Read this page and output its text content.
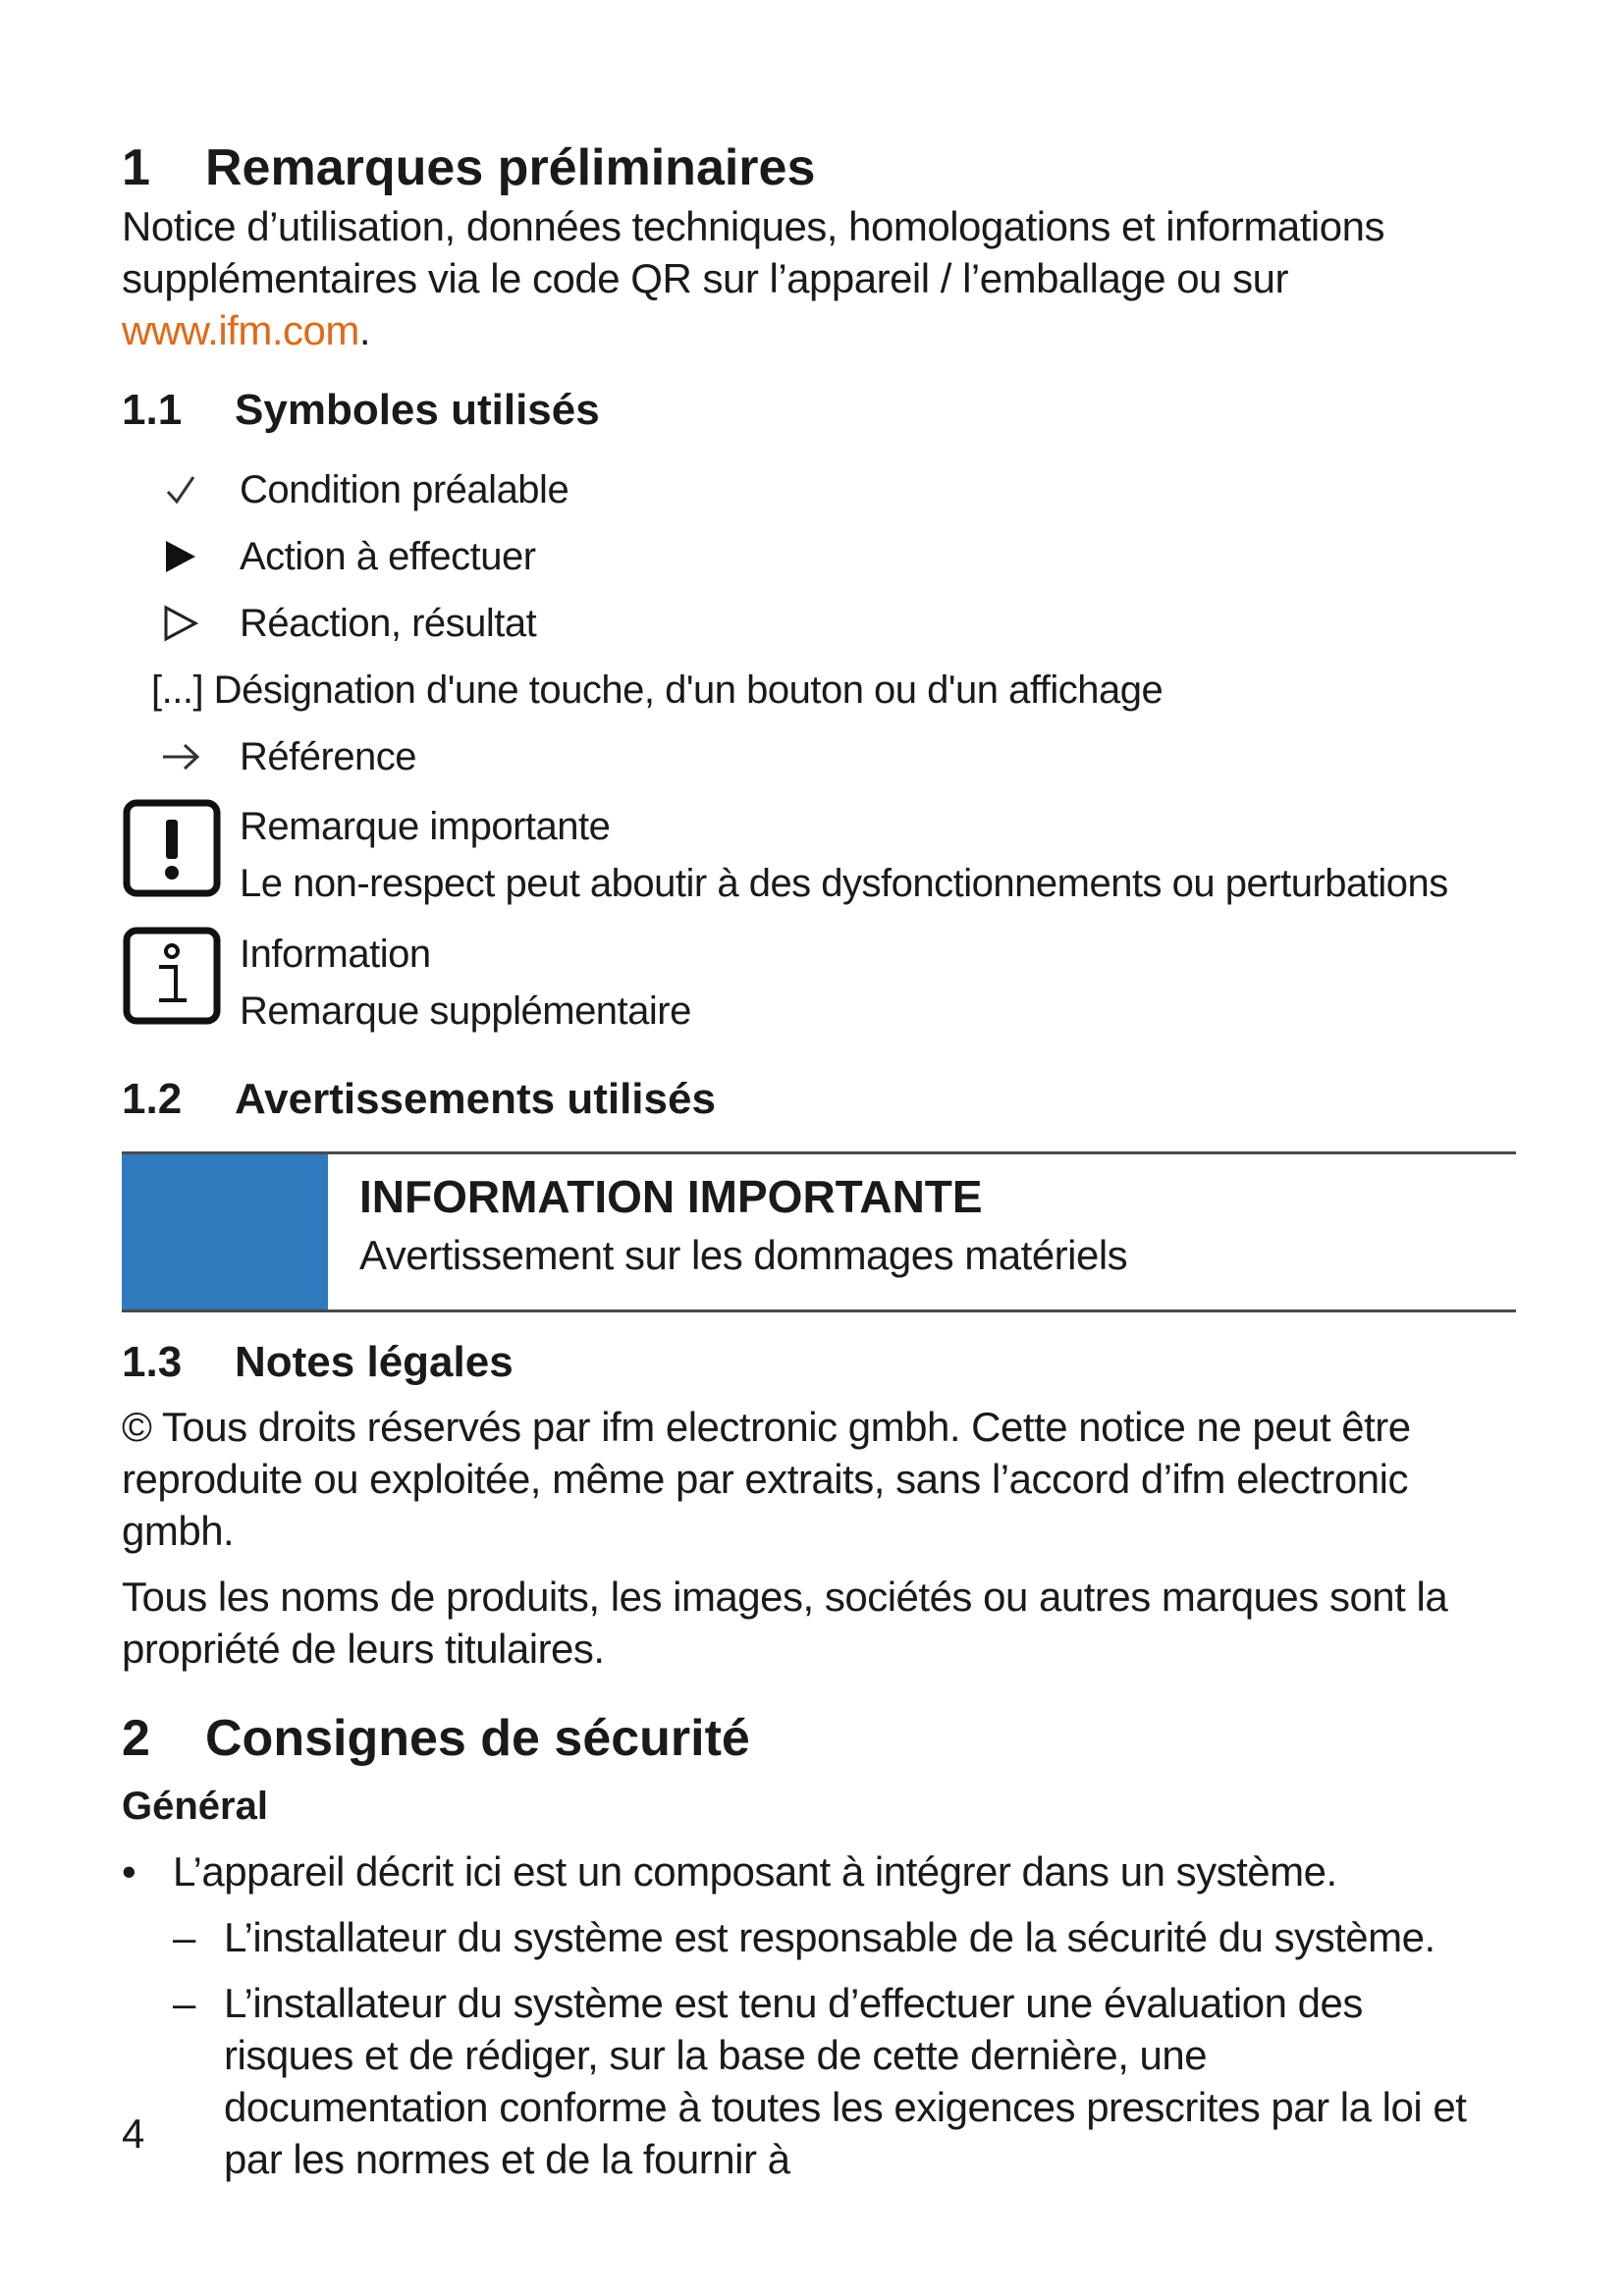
1	Remarques préliminaires

Notice d’utilisation, données techniques, homologations et informations supplémentaires via le code QR sur l’appareil / l’emballage ou sur www.ifm.com.

1.1	Symboles utilisés
Condition préalable
Action à effectuer
Réaction, résultat
[...] Désignation d'une touche, d'un bouton ou d'un affichage
Référence
Remarque importante
Le non-respect peut aboutir à des dysfonctionnements ou perturbations
Information
Remarque supplémentaire
1.2	Avertissements utilisés
INFORMATION IMPORTANTE
Avertissement sur les dommages matériels
1.3	Notes légales

© Tous droits réservés par ifm electronic gmbh. Cette notice ne peut être reproduite ou exploitée, même par extraits, sans l’accord d’ifm electronic gmbh.

Tous les noms de produits, les images, sociétés ou autres marques sont la propriété de leurs titulaires.

2	Consignes de sécurité

Général

• L’appareil décrit ici est un composant à intégrer dans un système.
– L’installateur du système est responsable de la sécurité du système.
– L’installateur du système est tenu d’effectuer une évaluation des risques et de rédiger, sur la base de cette dernière, une documentation conforme à toutes les exigences prescrites par la loi et par les normes et de la fournir à
4
